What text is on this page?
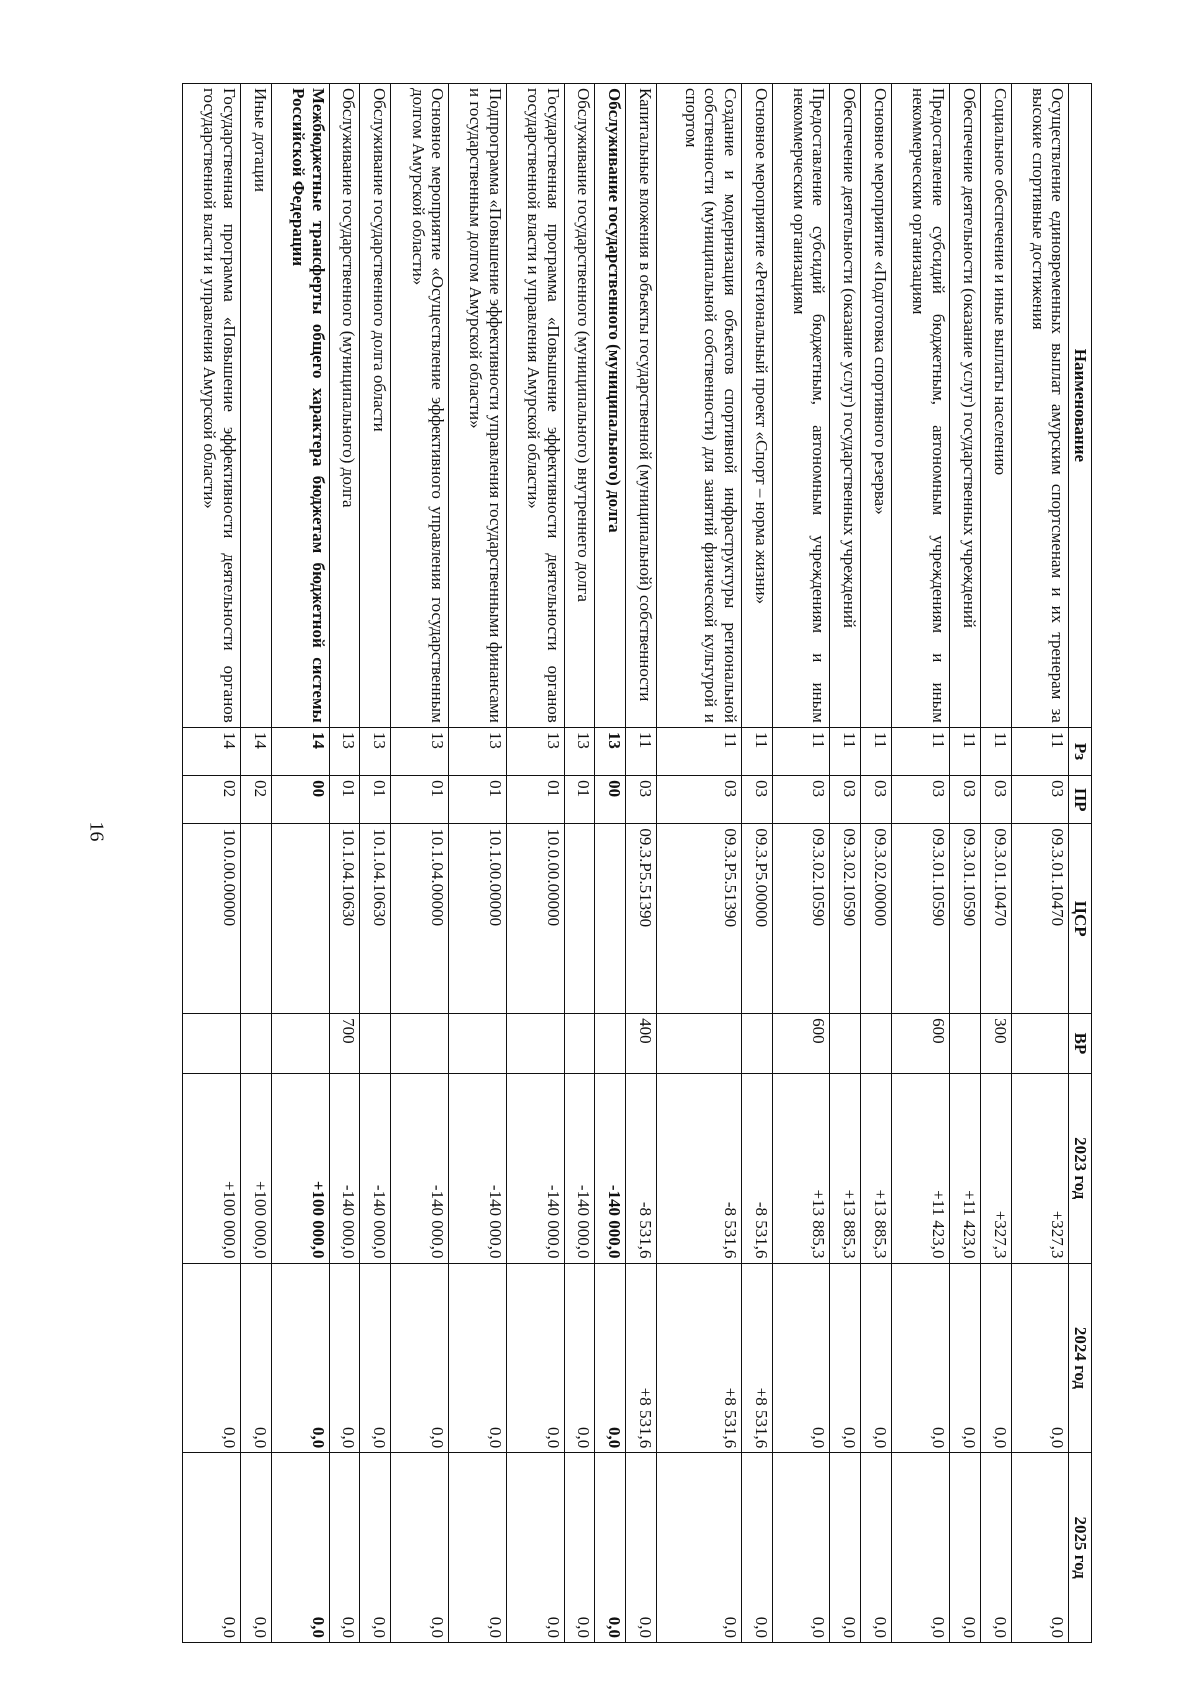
16
Наименование	Рз	ПР	ЦСР	ВР	2023 год	2024 год	2025 год
Осуществление единовременных выплат амурским спортсменам и их тренерам за высокие спортивные достижения	11	03	09.3.01.10470		+327,3	0,0	0,0
Социальное обеспечение и иные выплаты населению	11	03	09.3.01.10470	300	+327,3	0,0	0,0
Обеспечение деятельности (оказание услуг) государственных учреждений	11	03	09.3.01.10590		+11 423,0	0,0	0,0
Предоставление субсидий бюджетным, автономным учреждениям и иным некоммерческим организациям	11	03	09.3.01.10590	600	+11 423,0	0,0	0,0
Основное мероприятие «Подготовка спортивного резерва»	11	03	09.3.02.00000		+13 885,3	0,0	0,0
Обеспечение деятельности (оказание услуг) государственных учреждений	11	03	09.3.02.10590		+13 885,3	0,0	0,0
Предоставление субсидий бюджетным, автономным учреждениям и иным некоммерческим организациям	11	03	09.3.02.10590	600	+13 885,3	0,0	0,0
Основное мероприятие «Региональный проект «Спорт – норма жизни»	11	03	09.3.P5.00000		-8 531,6	+8 531,6	0,0
Создание и модернизация объектов спортивной инфраструктуры региональной собственности (муниципальной собственности) для занятий физической культурой и спортом	11	03	09.3.P5.51390		-8 531,6	+8 531,6	0,0
Капитальные вложения в объекты государственной (муниципальной) собственности	11	03	09.3.P5.51390	400	-8 531,6	+8 531,6	0,0
Обслуживание государственного (муниципального) долга	13	00			-140 000,0	0,0	0,0
Обслуживание государственного (муниципального) внутреннего долга	13	01			-140 000,0	0,0	0,0
Государственная программа «Повышение эффективности деятельности органов государственной власти и управления Амурской области»	13	01	10.0.00.00000		-140 000,0	0,0	0,0
Подпрограмма «Повышение эффективности управления государственными финансами и государственным долгом Амурской области»	13	01	10.1.00.00000		-140 000,0	0,0	0,0
Основное мероприятие «Осуществление эффективного управления государственным долгом Амурской области»	13	01	10.1.04.00000		-140 000,0	0,0	0,0
Обслуживание государственного долга области	13	01	10.1.04.10630		-140 000,0	0,0	0,0
Обслуживание государственного (муниципального) долга	13	01	10.1.04.10630	700	-140 000,0	0,0	0,0
Межбюджетные трансферты общего характера бюджетам бюджетной системы Российской Федерации	14	00			+100 000,0	0,0	0,0
Иные дотации	14	02			+100 000,0	0,0	0,0
Государственная программа «Повышение эффективности деятельности органов государственной власти и управления Амурской области»	14	02	10.0.00.00000		+100 000,0	0,0	0,0
